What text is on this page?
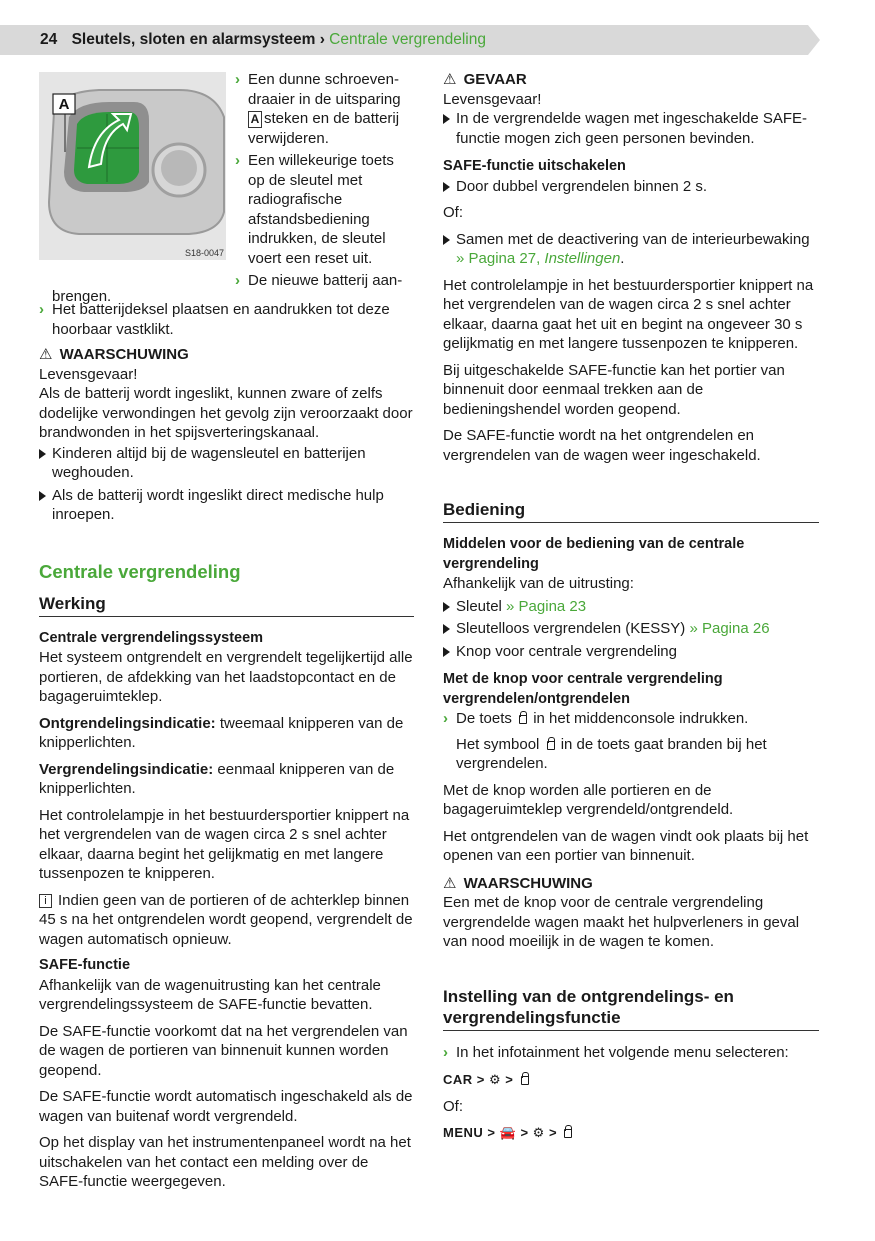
24 Sleutels, sloten en alarmsysteem › Centrale vergrendeling
A
S18-0047
› Een dunne schroeven-draaier in de uitsparing A steken en de batterij verwijderen.
› Een willekeurige toets op de sleutel met radiografische afstandsbediening indrukken, de sleutel voert een reset uit.
› De nieuwe batterij aan-
brengen.
› Het batterijdeksel plaatsen en aandrukken tot deze hoorbaar vastklikt.
⚠ WAARSCHUWING

Levensgevaar!

Als de batterij wordt ingeslikt, kunnen zware of zelfs dodelijke verwondingen het gevolg zijn veroorzaakt door brandwonden in het spijsverteringskanaal.

Kinderen altijd bij de wagensleutel en batterijen weghouden.
Als de batterij wordt ingeslikt direct medische hulp inroepen.
Centrale vergrendeling
Werking
Centrale vergrendelingssysteem

Het systeem ontgrendelt en vergrendelt tegelijkertijd alle portieren, de afdekking van het laadstopcontact en de bagageruimteklep.

Ontgrendelingsindicatie: tweemaal knipperen van de knipperlichten.

Vergrendelingsindicatie: eenmaal knipperen van de knipperlichten.

Het controlelampje in het bestuurdersportier knippert na het vergrendelen van de wagen circa 2 s snel achter elkaar, daarna begint het gelijkmatig en met langere tussenpozen te knipperen.

i Indien geen van de portieren of de achterklep binnen 45 s na het ontgrendelen wordt geopend, vergrendelt de wagen automatisch opnieuw.

SAFE-functie

Afhankelijk van de wagenuitrusting kan het centrale vergrendelingssysteem de SAFE-functie bevatten.

De SAFE-functie voorkomt dat na het vergrendelen van de wagen de portieren van binnenuit kunnen worden geopend.

De SAFE-functie wordt automatisch ingeschakeld als de wagen van buitenaf wordt vergrendeld.

Op het display van het instrumentenpaneel wordt na het uitschakelen van het contact een melding over de SAFE-functie weergegeven.

⚠ GEVAAR

Levensgevaar!

In de vergrendelde wagen met ingeschakelde SAFE-functie mogen zich geen personen bevinden.
SAFE-functie uitschakelen
Door dubbel vergrendelen binnen 2 s.

Of:

Samen met de deactivering van de interieurbewaking » Pagina 27, Instellingen.

Het controlelampje in het bestuurdersportier knippert na het vergrendelen van de wagen circa 2 s snel achter elkaar, daarna gaat het uit en begint na ongeveer 30 s gelijkmatig en met langere tussenpozen te knipperen.

Bij uitgeschakelde SAFE-functie kan het portier van binnenuit door eenmaal trekken aan de bedieningshendel worden geopend.

De SAFE-functie wordt na het ontgrendelen en vergrendelen van de wagen weer ingeschakeld.

Bediening
Middelen voor de bediening van de centrale vergrendeling

Afhankelijk van de uitrusting:

Sleutel » Pagina 23
Sleutelloos vergrendelen (KESSY) » Pagina 26
Knop voor centrale vergrendeling
Met de knop voor centrale vergrendeling vergrendelen/ontgrendelen
› De toets  in het middenconsole indrukken.

Het symbool  in de toets gaat branden bij het vergrendelen.

Met de knop worden alle portieren en de bagageruimteklep vergrendeld/ontgrendeld.

Het ontgrendelen van de wagen vindt ook plaats bij het openen van een portier van binnenuit.

⚠ WAARSCHUWING

Een met de knop voor de centrale vergrendeling vergrendelde wagen maakt het hulpverleners in geval van nood moeilijk in de wagen te komen.

Instelling van de ontgrendelings- en vergrendelingsfunctie
› In het infotainment het volgende menu selecteren:

CAR > ⚙ >

Of:

MENU > 🚘 > ⚙ >
